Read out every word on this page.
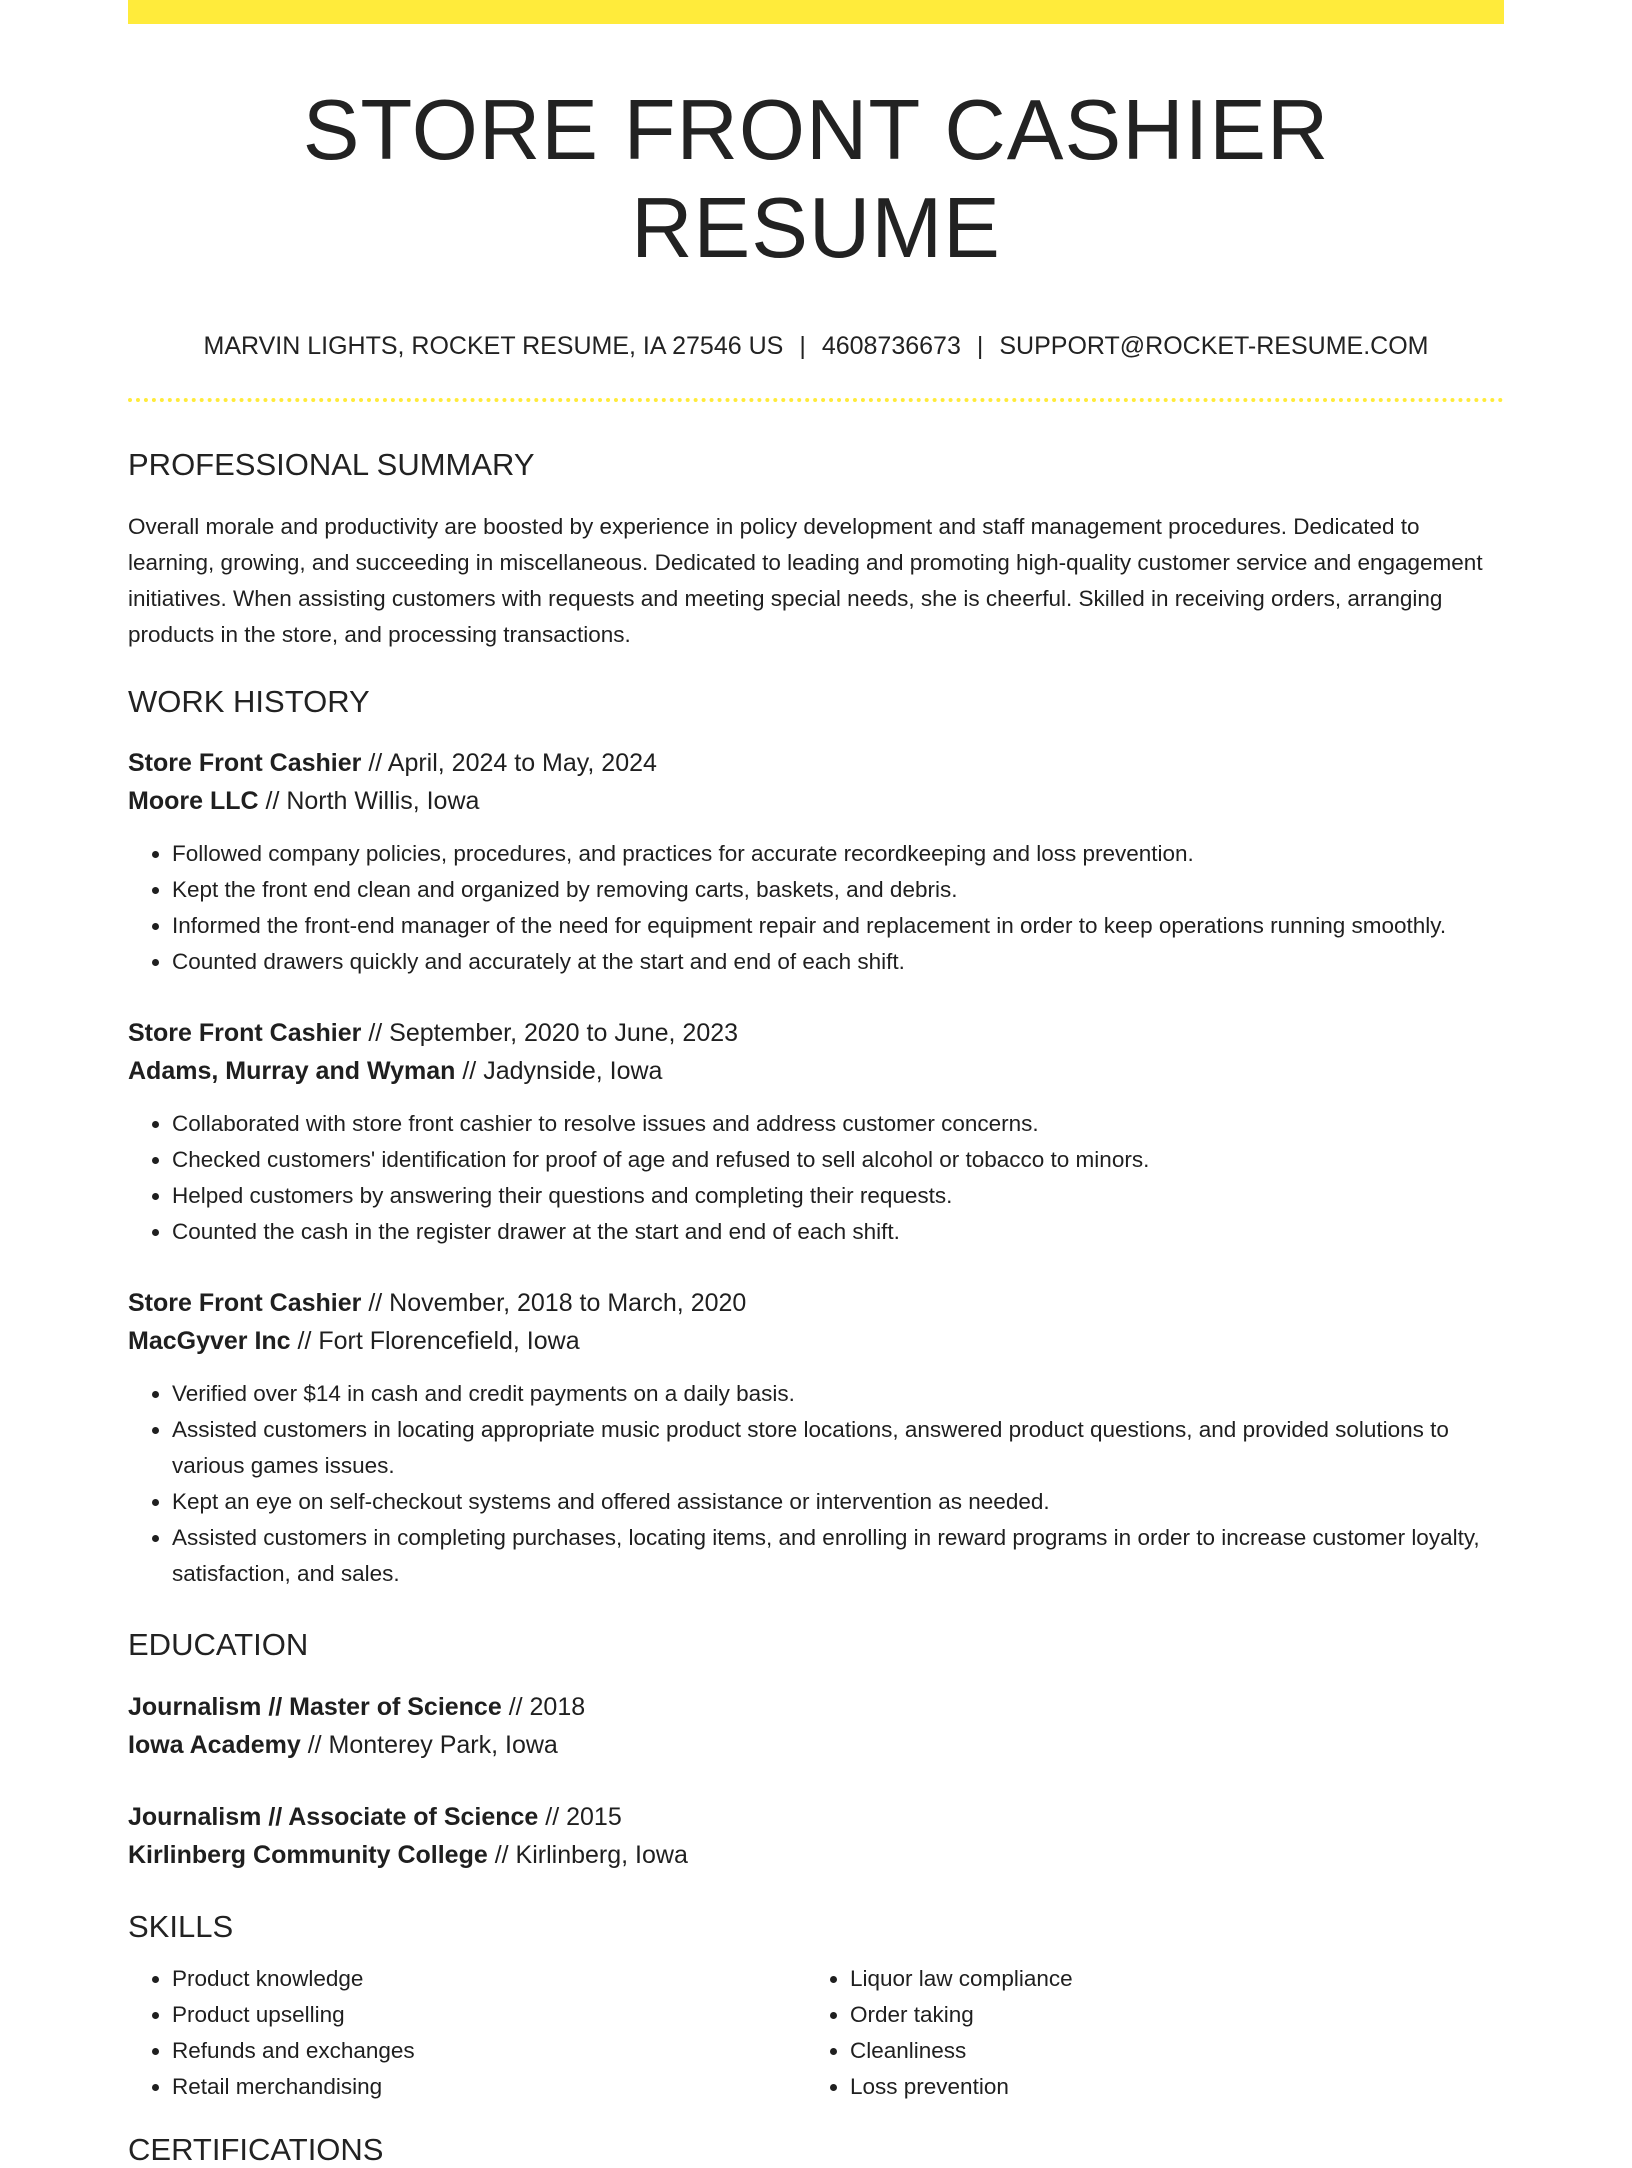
STORE FRONT CASHIER RESUME
MARVIN LIGHTS, ROCKET RESUME, IA 27546 US | 4608736673 | SUPPORT@ROCKET-RESUME.COM
PROFESSIONAL SUMMARY
Overall morale and productivity are boosted by experience in policy development and staff management procedures. Dedicated to learning, growing, and succeeding in miscellaneous. Dedicated to leading and promoting high-quality customer service and engagement initiatives. When assisting customers with requests and meeting special needs, she is cheerful. Skilled in receiving orders, arranging products in the store, and processing transactions.
WORK HISTORY
Store Front Cashier // April, 2024 to May, 2024
Moore LLC // North Willis, Iowa
• Followed company policies, procedures, and practices for accurate recordkeeping and loss prevention.
• Kept the front end clean and organized by removing carts, baskets, and debris.
• Informed the front-end manager of the need for equipment repair and replacement in order to keep operations running smoothly.
• Counted drawers quickly and accurately at the start and end of each shift.
Store Front Cashier // September, 2020 to June, 2023
Adams, Murray and Wyman // Jadynside, Iowa
• Collaborated with store front cashier to resolve issues and address customer concerns.
• Checked customers' identification for proof of age and refused to sell alcohol or tobacco to minors.
• Helped customers by answering their questions and completing their requests.
• Counted the cash in the register drawer at the start and end of each shift.
Store Front Cashier // November, 2018 to March, 2020
MacGyver Inc // Fort Florencefield, Iowa
• Verified over $14 in cash and credit payments on a daily basis.
• Assisted customers in locating appropriate music product store locations, answered product questions, and provided solutions to various games issues.
• Kept an eye on self-checkout systems and offered assistance or intervention as needed.
• Assisted customers in completing purchases, locating items, and enrolling in reward programs in order to increase customer loyalty, satisfaction, and sales.
EDUCATION
Journalism // Master of Science // 2018
Iowa Academy // Monterey Park, Iowa
Journalism // Associate of Science // 2015
Kirlinberg Community College // Kirlinberg, Iowa
SKILLS
• Product knowledge
• Product upselling
• Refunds and exchanges
• Retail merchandising
• Liquor law compliance
• Order taking
• Cleanliness
• Loss prevention
CERTIFICATIONS
